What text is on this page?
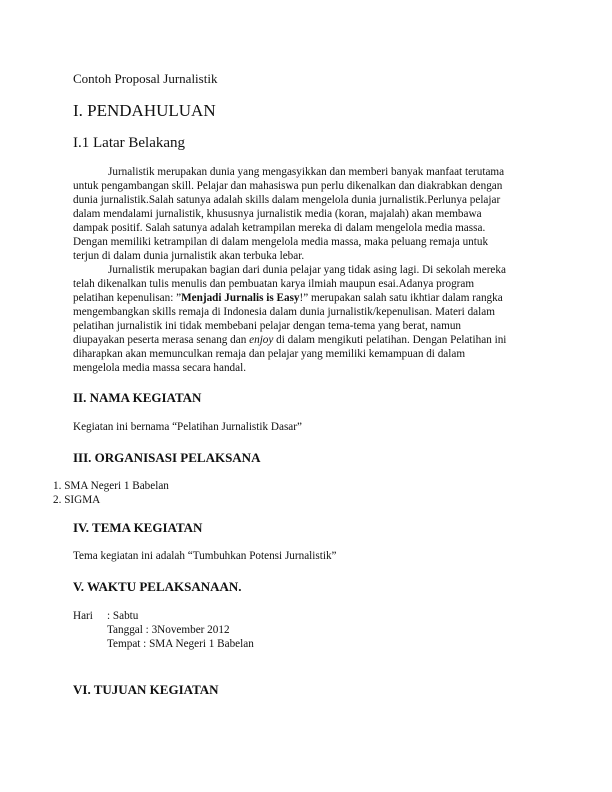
Contoh Proposal Jurnalistik
I. PENDAHULUAN
I.1 Latar Belakang
Jurnalistik merupakan dunia yang mengasyikkan dan memberi banyak manfaat terutama
untuk pengambangan skill. Pelajar dan mahasiswa pun perlu dikenalkan dan diakrabkan dengan
dunia jurnalistik.Salah satunya adalah skills dalam mengelola dunia jurnalistik.Perlunya pelajar
dalam mendalami jurnalistik, khususnya jurnalistik media (koran, majalah) akan membawa
dampak positif. Salah satunya adalah ketrampilan mereka di dalam mengelola media massa.
Dengan memiliki ketrampilan di dalam mengelola media massa, maka peluang remaja untuk
terjun di dalam dunia jurnalistik akan terbuka lebar.
Jurnalistik merupakan bagian dari dunia pelajar yang tidak asing lagi. Di sekolah mereka
telah dikenalkan tulis menulis dan pembuatan karya ilmiah maupun esai.Adanya program
pelatihan kepenulisan: ”Menjadi Jurnalis is Easy!” merupakan salah satu ikhtiar dalam rangka
mengembangkan skills remaja di Indonesia dalam dunia jurnalistik/kepenulisan. Materi dalam
pelatihan jurnalistik ini tidak membebani pelajar dengan tema-tema yang berat, namun
diupayakan peserta merasa senang dan enjoy di dalam mengikuti pelatihan. Dengan Pelatihan ini
diharapkan akan memunculkan remaja dan pelajar yang memiliki kemampuan di dalam
mengelola media massa secara handal.
II. NAMA KEGIATAN
Kegiatan ini bernama “Pelatihan Jurnalistik Dasar”
III. ORGANISASI PELAKSANA
1. SMA Negeri 1 Babelan
2. SIGMA
IV. TEMA KEGIATAN
Tema kegiatan ini adalah “Tumbuhkan Potensi Jurnalistik”
V. WAKTU PELAKSANAAN.
Hari : Sabtu
Tanggal : 3November 2012
Tempat : SMA Negeri 1 Babelan
VI. TUJUAN KEGIATAN
